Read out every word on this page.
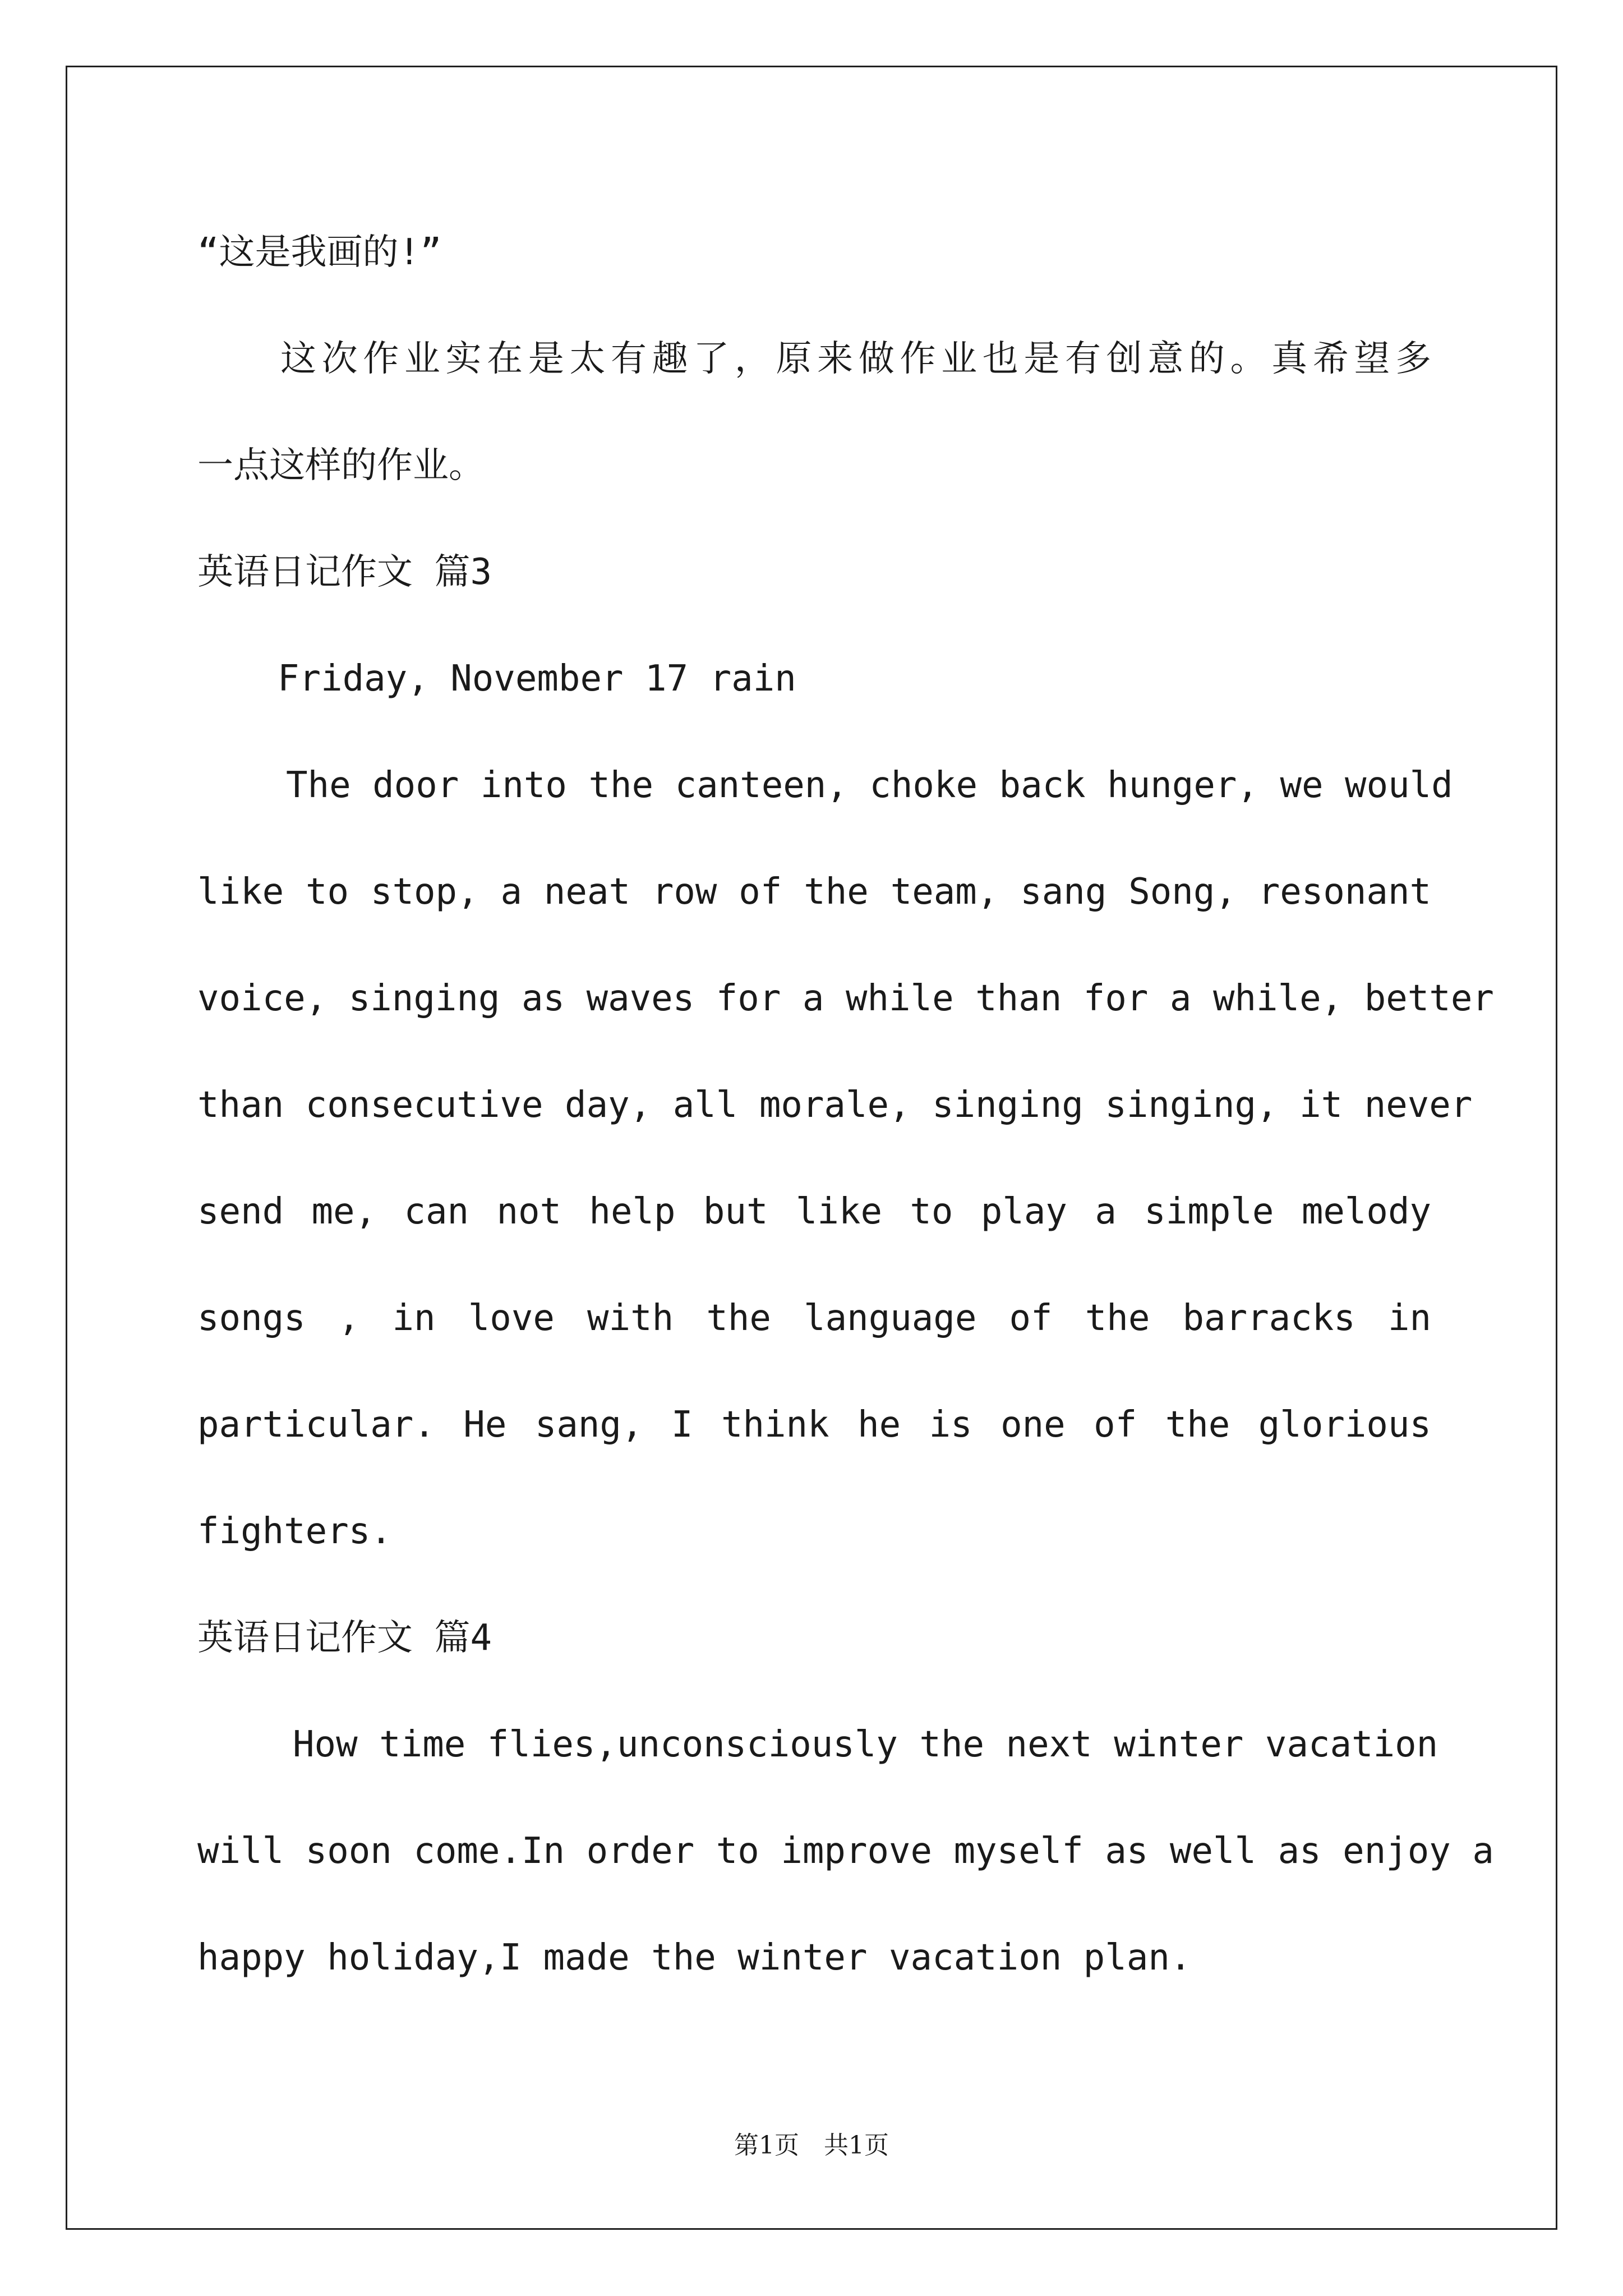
“这是我画的!”
这次作业实在是太有趣了，原来做作业也是有创意的。真希望多
一点这样的作业。
英语日记作文 篇3
Friday, November 17 rain
The door into the canteen, choke back hunger, we would
like to stop, a neat row of the team, sang Song, resonant
voice, singing as waves for a while than for a while, better
than consecutive day, all morale, singing singing, it never
send me, can not help but like to play a simple melody
songs , in love with the language of the barracks in
particular. He sang, I think he is one of the glorious
fighters.
英语日记作文 篇4
How time flies,unconsciously the next winter vacation
will soon come.In order to improve myself as well as enjoy a
happy holiday,I made the winter vacation plan.
第1页　共1页
